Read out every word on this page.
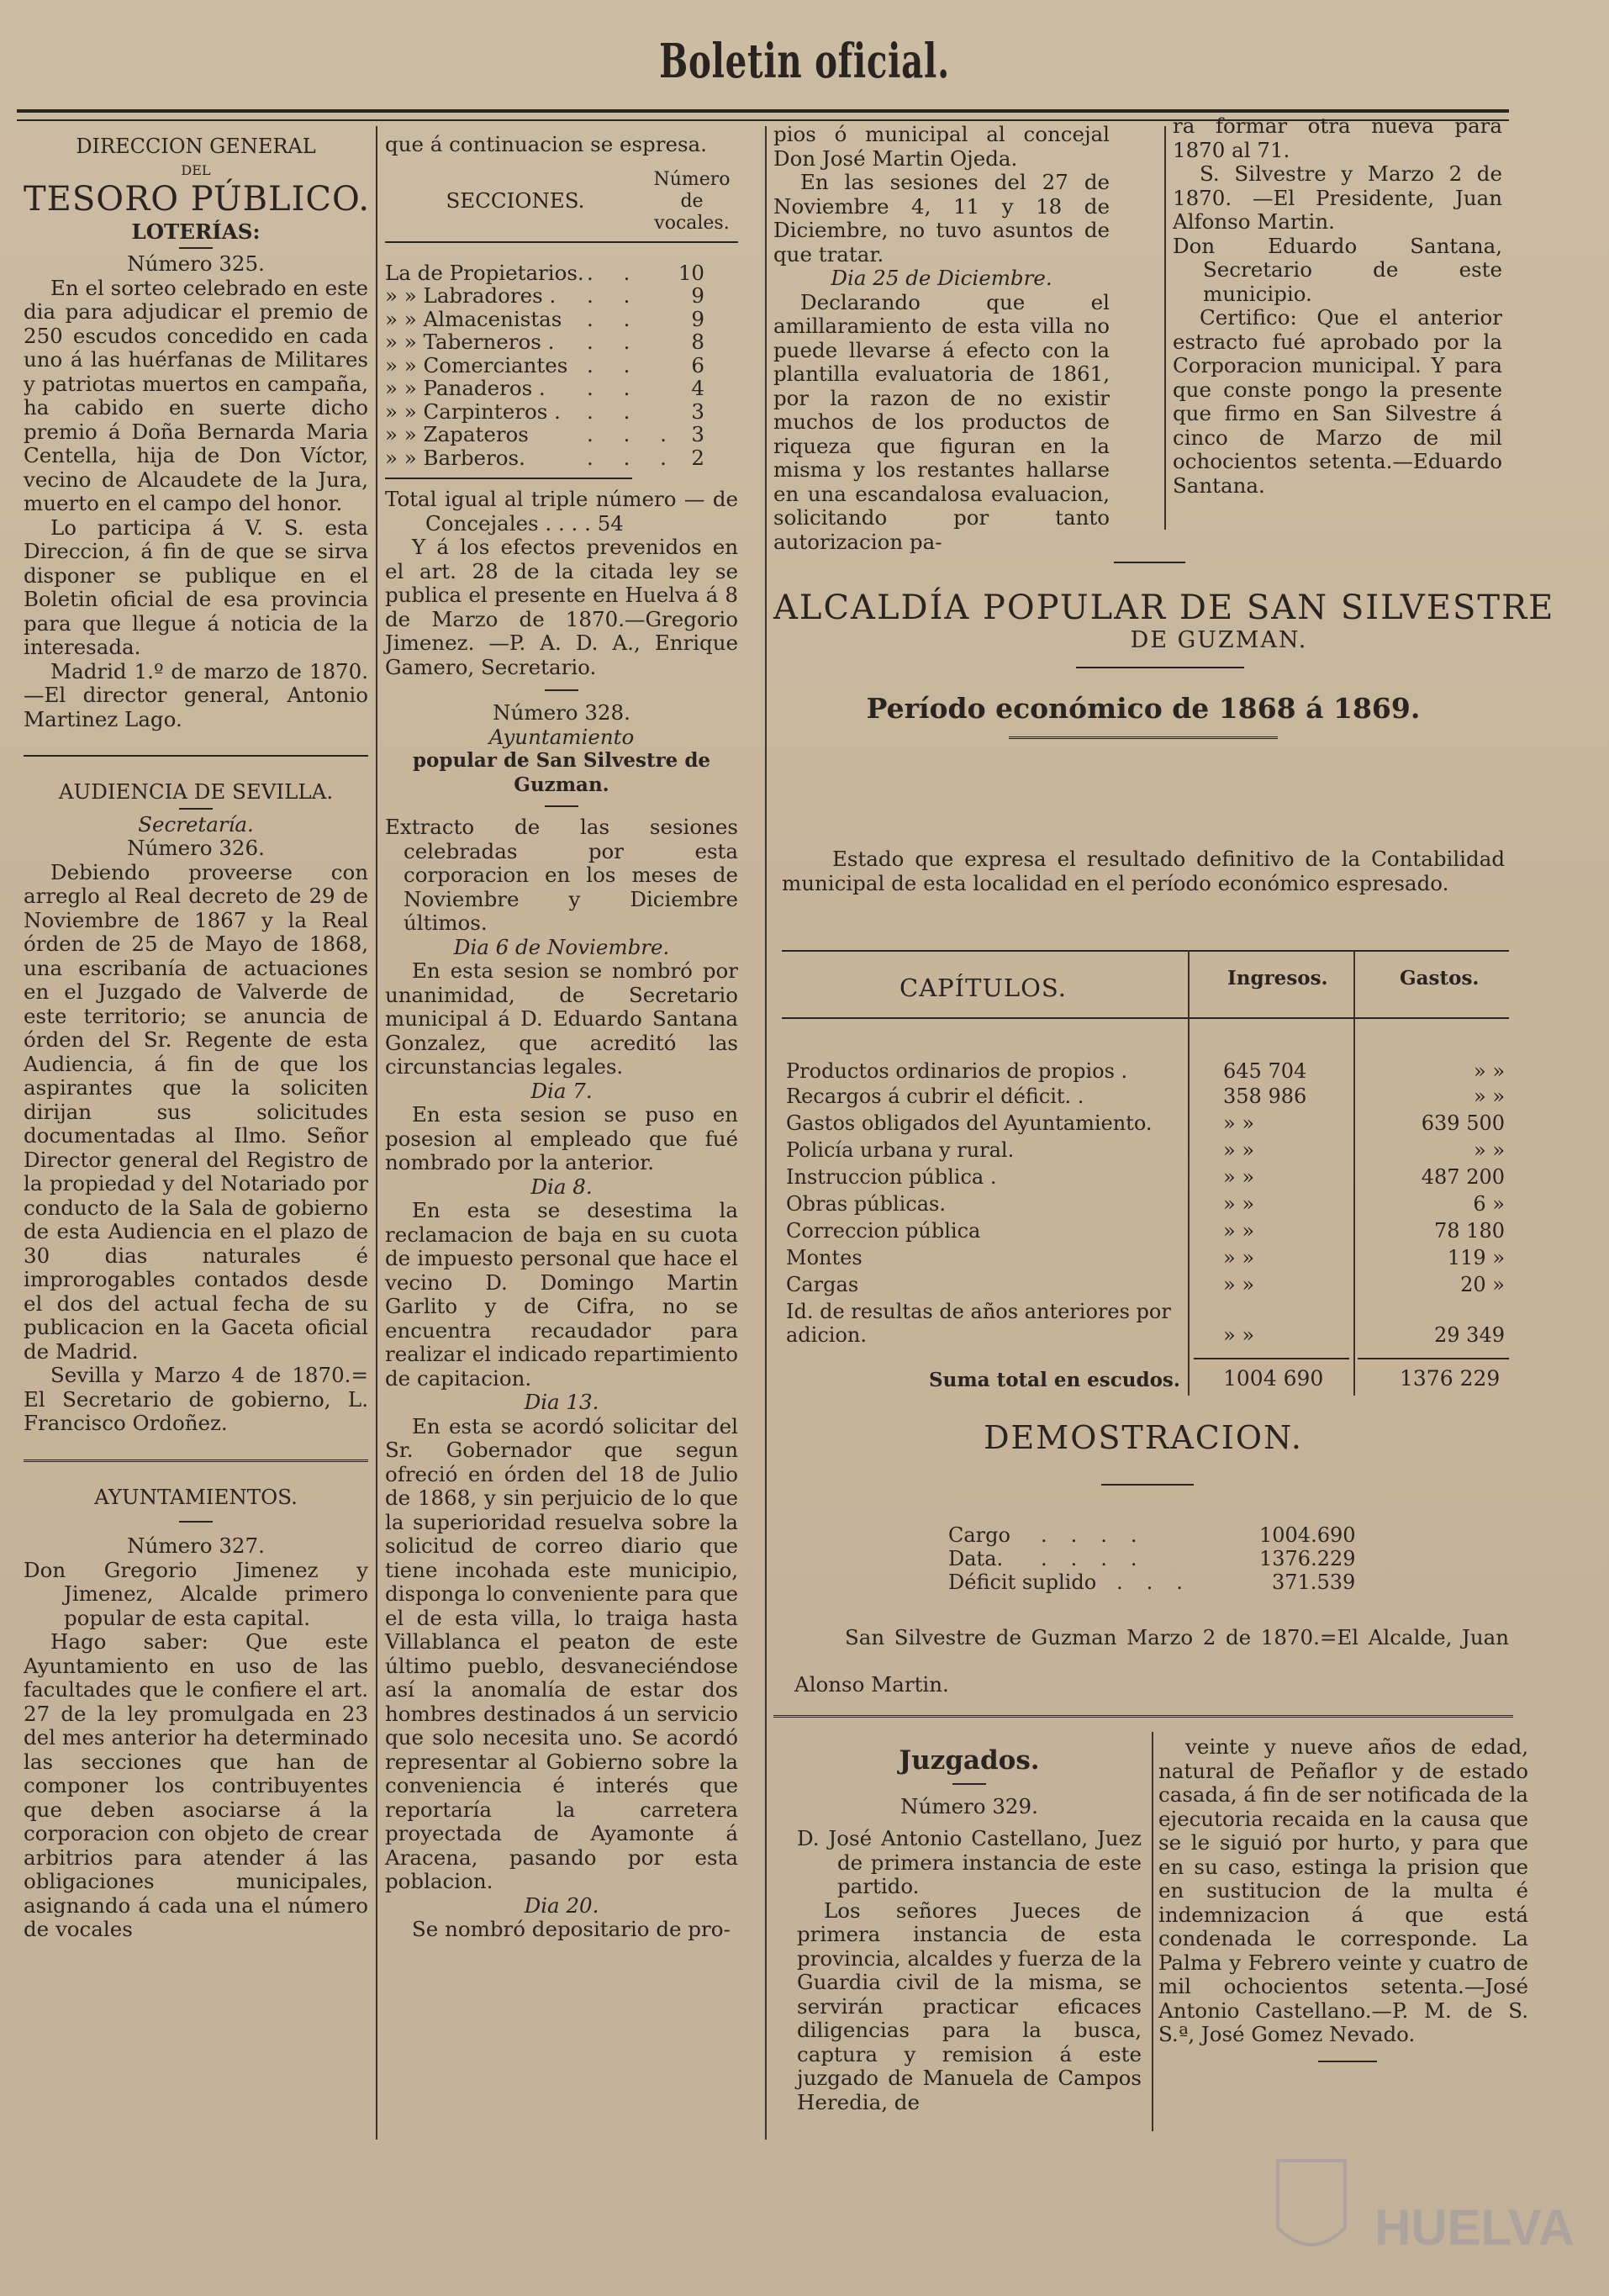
Boletin oficial.

DIRECCION GENERAL

DEL

TESORO PÚBLICO.

LOTERÍAS:

Número 325.

En el sorteo celebrado en este dia para adjudicar el premio de 250 escudos concedido en cada uno á las huérfanas de Militares y patriotas muertos en campaña, ha cabido en suerte dicho premio á Doña Bernarda Maria Centella, hija de Don Víctor, vecino de Alcaudete de la Jura, muerto en el campo del honor.

Lo participa á V. S. esta Direccion, á fin de que se sirva disponer se publique en el Boletin oficial de esa provincia para que llegue á noticia de la interesada.

Madrid 1.º de marzo de 1870. —El director general, Antonio Martinez Lago.

AUDIENCIA DE SEVILLA.

Secretaría.

Número 326.

Debiendo proveerse con arreglo al Real decreto de 29 de Noviembre de 1867 y la Real órden de 25 de Mayo de 1868, una escribanía de actuaciones en el Juzgado de Valverde de este territorio; se anuncia de órden del Sr. Regente de esta Audiencia, á fin de que los aspirantes que la soliciten dirijan sus solicitudes documentadas al Ilmo. Señor Director general del Registro de la propiedad y del Notariado por conducto de la Sala de gobierno de esta Audiencia en el plazo de 30 dias naturales é improrogables contados desde el dos del actual fecha de su publicacion en la Gaceta oficial de Madrid.

Sevilla y Marzo 4 de 1870.= El Secretario de gobierno, L. Francisco Ordoñez.

AYUNTAMIENTOS.

Número 327.

Don Gregorio Jimenez y Jimenez, Alcalde primero popular de esta capital.

Hago saber: Que este Ayuntamiento en uso de las facultades que le confiere el art. 27 de la ley promulgada en 23 del mes anterior ha determinado las secciones que han de componer los contribuyentes que deben asociarse á la corporacion con objeto de crear arbitrios para atender á las obligaciones municipales, asignando á cada una el número de vocales

que á continuacion se espresa.

SECCIONES.
Número de vocales.
La de Propietarios. . .	10
» » Labradores . . .	9
» » Almacenistas . .	9
» » Taberneros . . .	8
» » Comerciantes . .	6
» » Panaderos . . .	4
» » Carpinteros . . .	3
» » Zapateros	. . . 3
» » Barberos.	. . . 2

Total igual al triple número — de Concejales . . . . 54

Y á los efectos prevenidos en el art. 28 de la citada ley se publica el presente en Huelva á 8 de Marzo de 1870.—Gregorio Jimenez. —P. A. D. A., Enrique Gamero, Secretario.

Número 328.

Ayuntamiento

popular de San Silvestre de Guzman.

Extracto de las sesiones celebradas por esta corporacion en los meses de Noviembre y Diciembre últimos.

Dia 6 de Noviembre.

En esta sesion se nombró por unanimidad, de Secretario municipal á D. Eduardo Santana Gonzalez, que acreditó las circunstancias legales.

Dia 7.

En esta sesion se puso en posesion al empleado que fué nombrado por la anterior.

Dia 8.

En esta se desestima la reclamacion de baja en su cuota de impuesto personal que hace el vecino D. Domingo Martin Garlito y de Cifra, no se encuentra recaudador para realizar el indicado repartimiento de capitacion.

Dia 13.

En esta se acordó solicitar del Sr. Gobernador que segun ofreció en órden del 18 de Julio de 1868, y sin perjuicio de lo que la superioridad resuelva sobre la solicitud de correo diario que tiene incohada este municipio, disponga lo conveniente para que el de esta villa, lo traiga hasta Villablanca el peaton de este último pueblo, desvaneciéndose así la anomalía de estar dos hombres destinados á un servicio que solo necesita uno. Se acordó representar al Gobierno sobre la conveniencia é interés que reportaría la carretera proyectada de Ayamonte á Aracena, pasando por esta poblacion.

Dia 20.

Se nombró depositario de pro-

pios ó municipal al concejal Don José Martin Ojeda.

En las sesiones del 27 de Noviembre 4, 11 y 18 de Diciembre, no tuvo asuntos de que tratar.

Dia 25 de Diciembre.

Declarando que el amillaramiento de esta villa no puede llevarse á efecto con la plantilla evaluatoria de 1861, por la razon de no existir muchos de los productos de riqueza que figuran en la misma y los restantes hallarse en una escandalosa evaluacion, solicitando por tanto autorizacion pa-

ra formar otra nueva para 1870 al 71.

S. Silvestre y Marzo 2 de 1870. —El Presidente, Juan Alfonso Martin.

Don Eduardo Santana, Secretario de este municipio.

Certifico: Que el anterior estracto fué aprobado por la Corporacion municipal. Y para que conste pongo la presente que firmo en San Silvestre á cinco de Marzo de mil ochocientos setenta.—Eduardo Santana.

ALCALDÍA POPULAR DE SAN SILVESTRE
DE GUZMAN.
Período económico de 1868 á 1869.
Estado que expresa el resultado definitivo de la Contabilidad municipal de esta localidad en el período económico espresado.
CAPÍTULOS.	Ingresos.	Gastos.
Productos ordinarios de propios .	645 704	» »
Recargos á cubrir el déficit. .	358 986	» »
Gastos obligados del Ayuntamiento.	» »	639 500
Policía urbana y rural.	» »	» »
Instruccion pública .	» »	487 200
Obras públicas.	» »	6 »
Correccion pública	» »	78 180
Montes	» »	119 »
Cargas	» »	20 »
Id. de resultas de años anteriores por adicion.	» »	29 349
Suma total en escudos. 1004 690	1376 229
DEMOSTRACION.
Cargo ....	1004.690
Data. ....	1376.229
Déficit suplido ...	371.539
San Silvestre de Guzman Marzo 2 de 1870.=El Alcalde, Juan Alonso Martin.

Juzgados.

Número 329.

D. José Antonio Castellano, Juez de primera instancia de este partido.

Los señores Jueces de primera instancia de esta provincia, alcaldes y fuerza de la Guardia civil de la misma, se servirán practicar eficaces diligencias para la busca, captura y remision á este juzgado de Manuela de Campos Heredia, de

veinte y nueve años de edad, natural de Peñaflor y de estado casada, á fin de ser notificada de la ejecutoria recaida en la causa que se le siguió por hurto, y para que en su caso, estinga la prision que en sustitucion de la multa é indemnizacion á que está condenada le corresponde. La Palma y Febrero veinte y cuatro de mil ochocientos setenta.—José Antonio Castellano.—P. M. de S. S.ª, José Gomez Nevado.

HUELVA
